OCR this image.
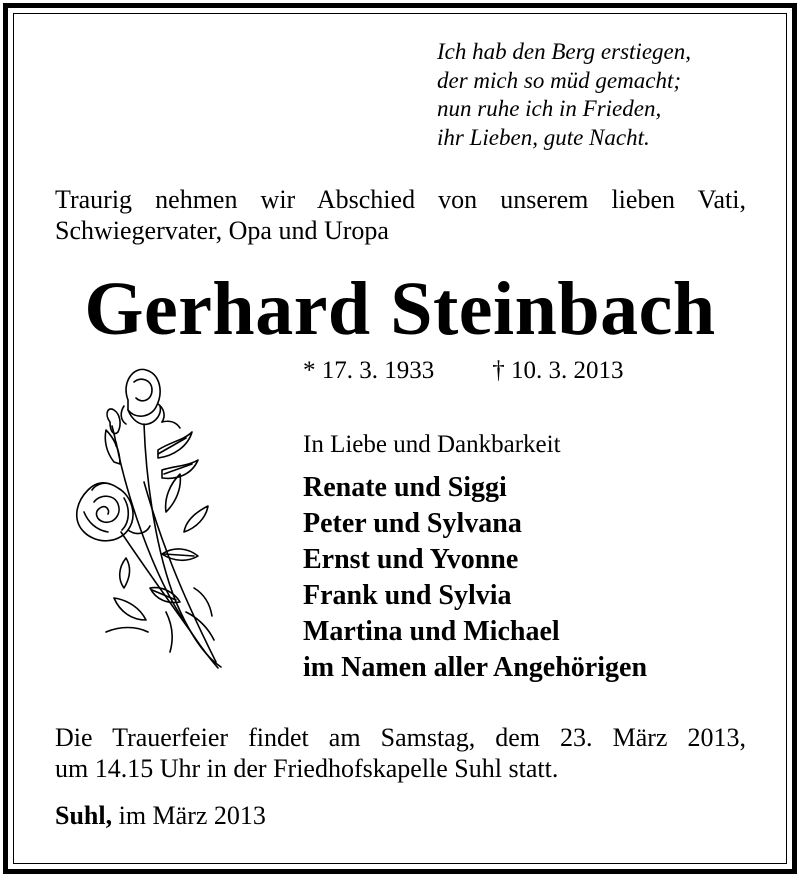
Ich hab den Berg erstiegen,
der mich so müd gemacht;
nun ruhe ich in Frieden,
ihr Lieben, gute Nacht.
Traurig nehmen wir Abschied von unserem lieben Vati,
Schwiegervater, Opa und Uropa
Gerhard Steinbach
* 17. 3. 1933 † 10. 3. 2013
In Liebe und Dankbarkeit
Renate und Siggi
Peter und Sylvana
Ernst und Yvonne
Frank und Sylvia
Martina und Michael
im Namen aller Angehörigen
Die Trauerfeier findet am Samstag, dem 23. März 2013,
um 14.15 Uhr in der Friedhofskapelle Suhl statt.
Suhl, im März 2013
